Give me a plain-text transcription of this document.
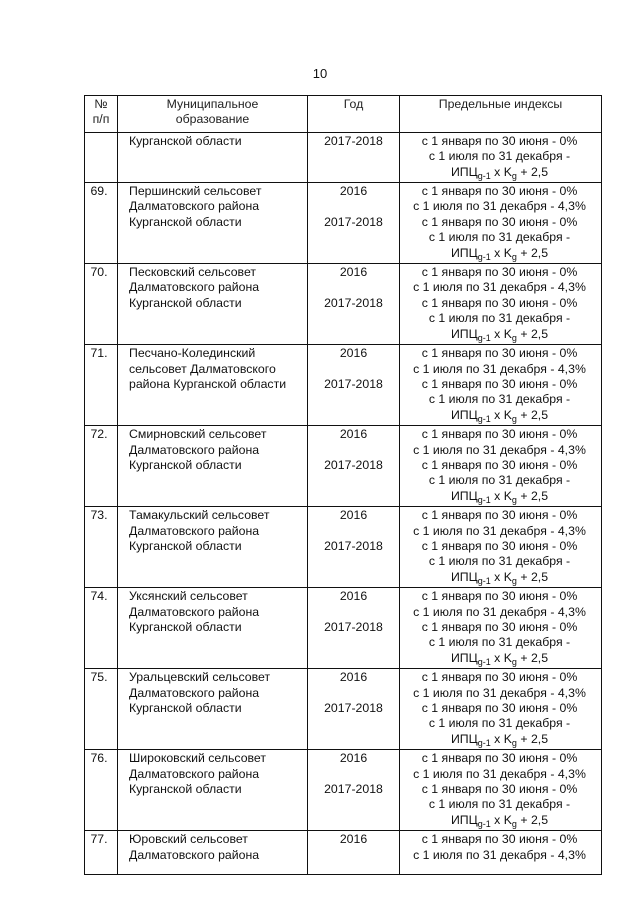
10
№
п/п	Муниципальное
образование	Год	Предельные индексы

	Курганской области	2017-2018	с 1 января по 30 июня - 0%
с 1 июля по 31 декабря -
$ИПЦ_{g-1}$ х $K_g + 2,5$

69.	Першинский сельсовет
Далматовского района
Курганской области	2016
2017-2018	с 1 января по 30 июня - 0%
с 1 июля по 31 декабря - 4,3%
с 1 января по 30 июня - 0%
с 1 июля по 31 декабря -
$ИПЦ_{g-1}$ х $K_g + 2,5$

70.	Песковский сельсовет
Далматовского района
Курганской области	2016
2017-2018	с 1 января по 30 июня - 0%
с 1 июля по 31 декабря - 4,3%
с 1 января по 30 июня - 0%
с 1 июля по 31 декабря -
$ИПЦ_{g-1}$ х $K_g + 2,5$

71.	Песчано-Колединский
сельсовет Далматовского
района Курганской области	2016
2017-2018	с 1 января по 30 июня - 0%
с 1 июля по 31 декабря - 4,3%
с 1 января по 30 июня - 0%
с 1 июля по 31 декабря -
$ИПЦ_{g-1}$ х $K_g + 2,5$

72.	Смирновский сельсовет
Далматовского района
Курганской области	2016
2017-2018	с 1 января по 30 июня - 0%
с 1 июля по 31 декабря - 4,3%
с 1 января по 30 июня - 0%
с 1 июля по 31 декабря -
$ИПЦ_{g-1}$ х $K_g + 2,5$

73.	Тамакульский сельсовет
Далматовского района
Курганской области	2016
2017-2018	с 1 января по 30 июня - 0%
с 1 июля по 31 декабря - 4,3%
с 1 января по 30 июня - 0%
с 1 июля по 31 декабря -
$ИПЦ_{g-1}$ х $K_g + 2,5$

74.	Уксянский сельсовет
Далматовского района
Курганской области	2016
2017-2018	с 1 января по 30 июня - 0%
с 1 июля по 31 декабря - 4,3%
с 1 января по 30 июня - 0%
с 1 июля по 31 декабря -
$ИПЦ_{g-1}$ х $K_g + 2,5$

75.	Уральцевский сельсовет
Далматовского района
Курганской области	2016
2017-2018	с 1 января по 30 июня - 0%
с 1 июля по 31 декабря - 4,3%
с 1 января по 30 июня - 0%
с 1 июля по 31 декабря -
$ИПЦ_{g-1}$ х $K_g + 2,5$

76.	Широковский сельсовет
Далматовского района
Курганской области	2016
2017-2018	с 1 января по 30 июня - 0%
с 1 июля по 31 декабря - 4,3%
с 1 января по 30 июня - 0%
с 1 июля по 31 декабря -
$ИПЦ_{g-1}$ х $K_g + 2,5$

77.	Юровский сельсовет
Далматовского района	2016	с 1 января по 30 июня - 0%
с 1 июля по 31 декабря - 4,3%
